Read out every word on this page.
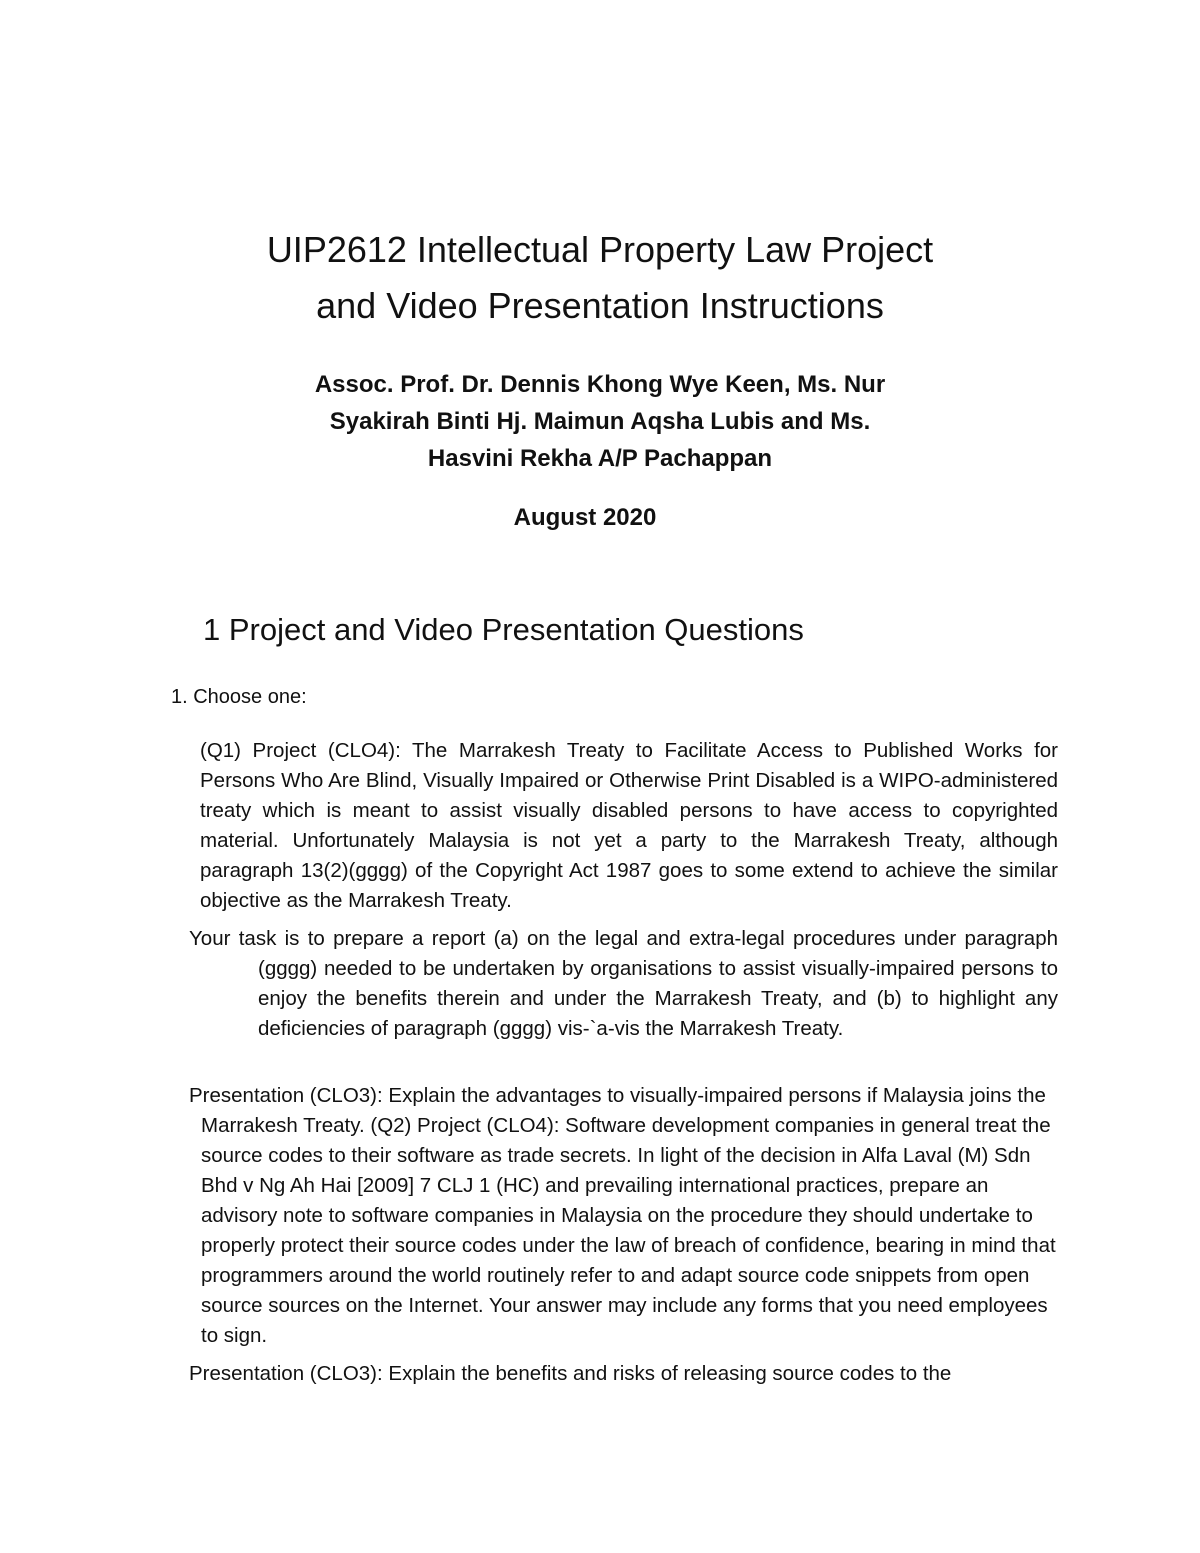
UIP2612 Intellectual Property Law Project
and Video Presentation Instructions
Assoc. Prof. Dr. Dennis Khong Wye Keen, Ms. Nur
Syakirah Binti Hj. Maimun Aqsha Lubis and Ms.
Hasvini Rekha A/P Pachappan
August 2020
1 Project and Video Presentation Questions
1. Choose one:

(Q1) Project (CLO4): The Marrakesh Treaty to Facilitate Access to Published Works for Persons Who Are Blind, Visually Impaired or Otherwise Print Disabled is a WIPO-administered treaty which is meant to assist visually disabled persons to have access to copyrighted material. Unfortunately Malaysia is not yet a party to the Marrakesh Treaty, although paragraph 13(2)(gggg) of the Copyright Act 1987 goes to some extend to achieve the similar objective as the Marrakesh Treaty.

Your task is to prepare a report (a) on the legal and extra-legal procedures under paragraph (gggg) needed to be undertaken by organisations to assist visually-impaired persons to enjoy the benefits therein and under the Marrakesh Treaty, and (b) to highlight any deficiencies of paragraph (gggg) vis-`a-vis the Marrakesh Treaty.

Presentation (CLO3): Explain the advantages to visually-impaired persons if Malaysia joins the Marrakesh Treaty. (Q2) Project (CLO4): Software development companies in general treat the source codes to their software as trade secrets. In light of the decision in Alfa Laval (M) Sdn Bhd v Ng Ah Hai [2009] 7 CLJ 1 (HC) and prevailing international practices, prepare an advisory note to software companies in Malaysia on the procedure they should undertake to properly protect their source codes under the law of breach of confidence, bearing in mind that programmers around the world routinely refer to and adapt source code snippets from open source sources on the Internet. Your answer may include any forms that you need employees to sign.

Presentation (CLO3): Explain the benefits and risks of releasing source codes to the
